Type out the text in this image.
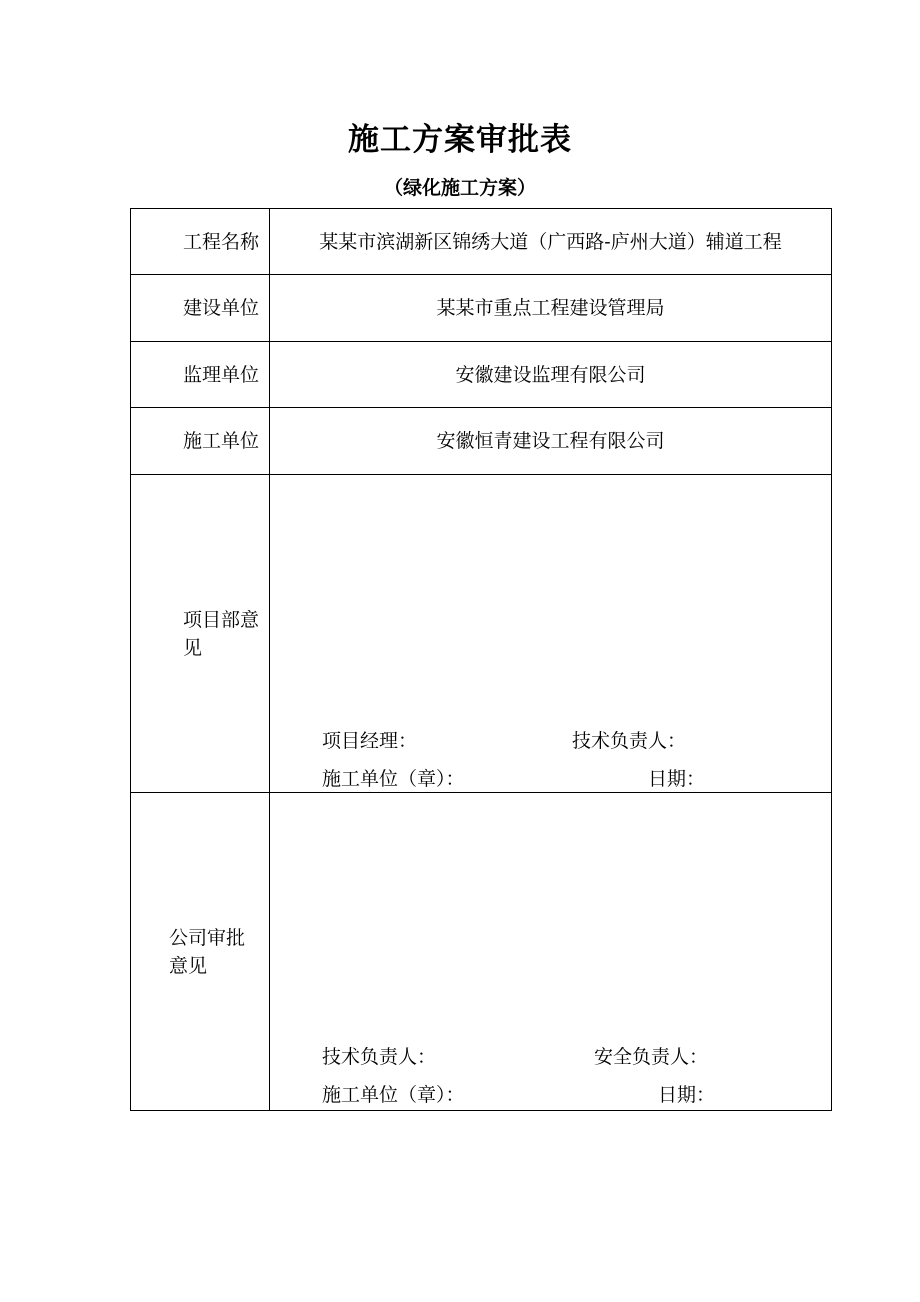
施工方案审批表
（绿化施工方案）
工程名称	某某市滨湖新区锦绣大道（广西路-庐州大道）辅道工程

建设单位	某某市重点工程建设管理局

监理单位	安徽建设监理有限公司

施工单位	安徽恒青建设工程有限公司

项目部意见	项目经理： 技术负责人：
施工单位（章）： 日期：

公司审批意见	技术负责人： 安全负责人：
施工单位（章）： 日期：
